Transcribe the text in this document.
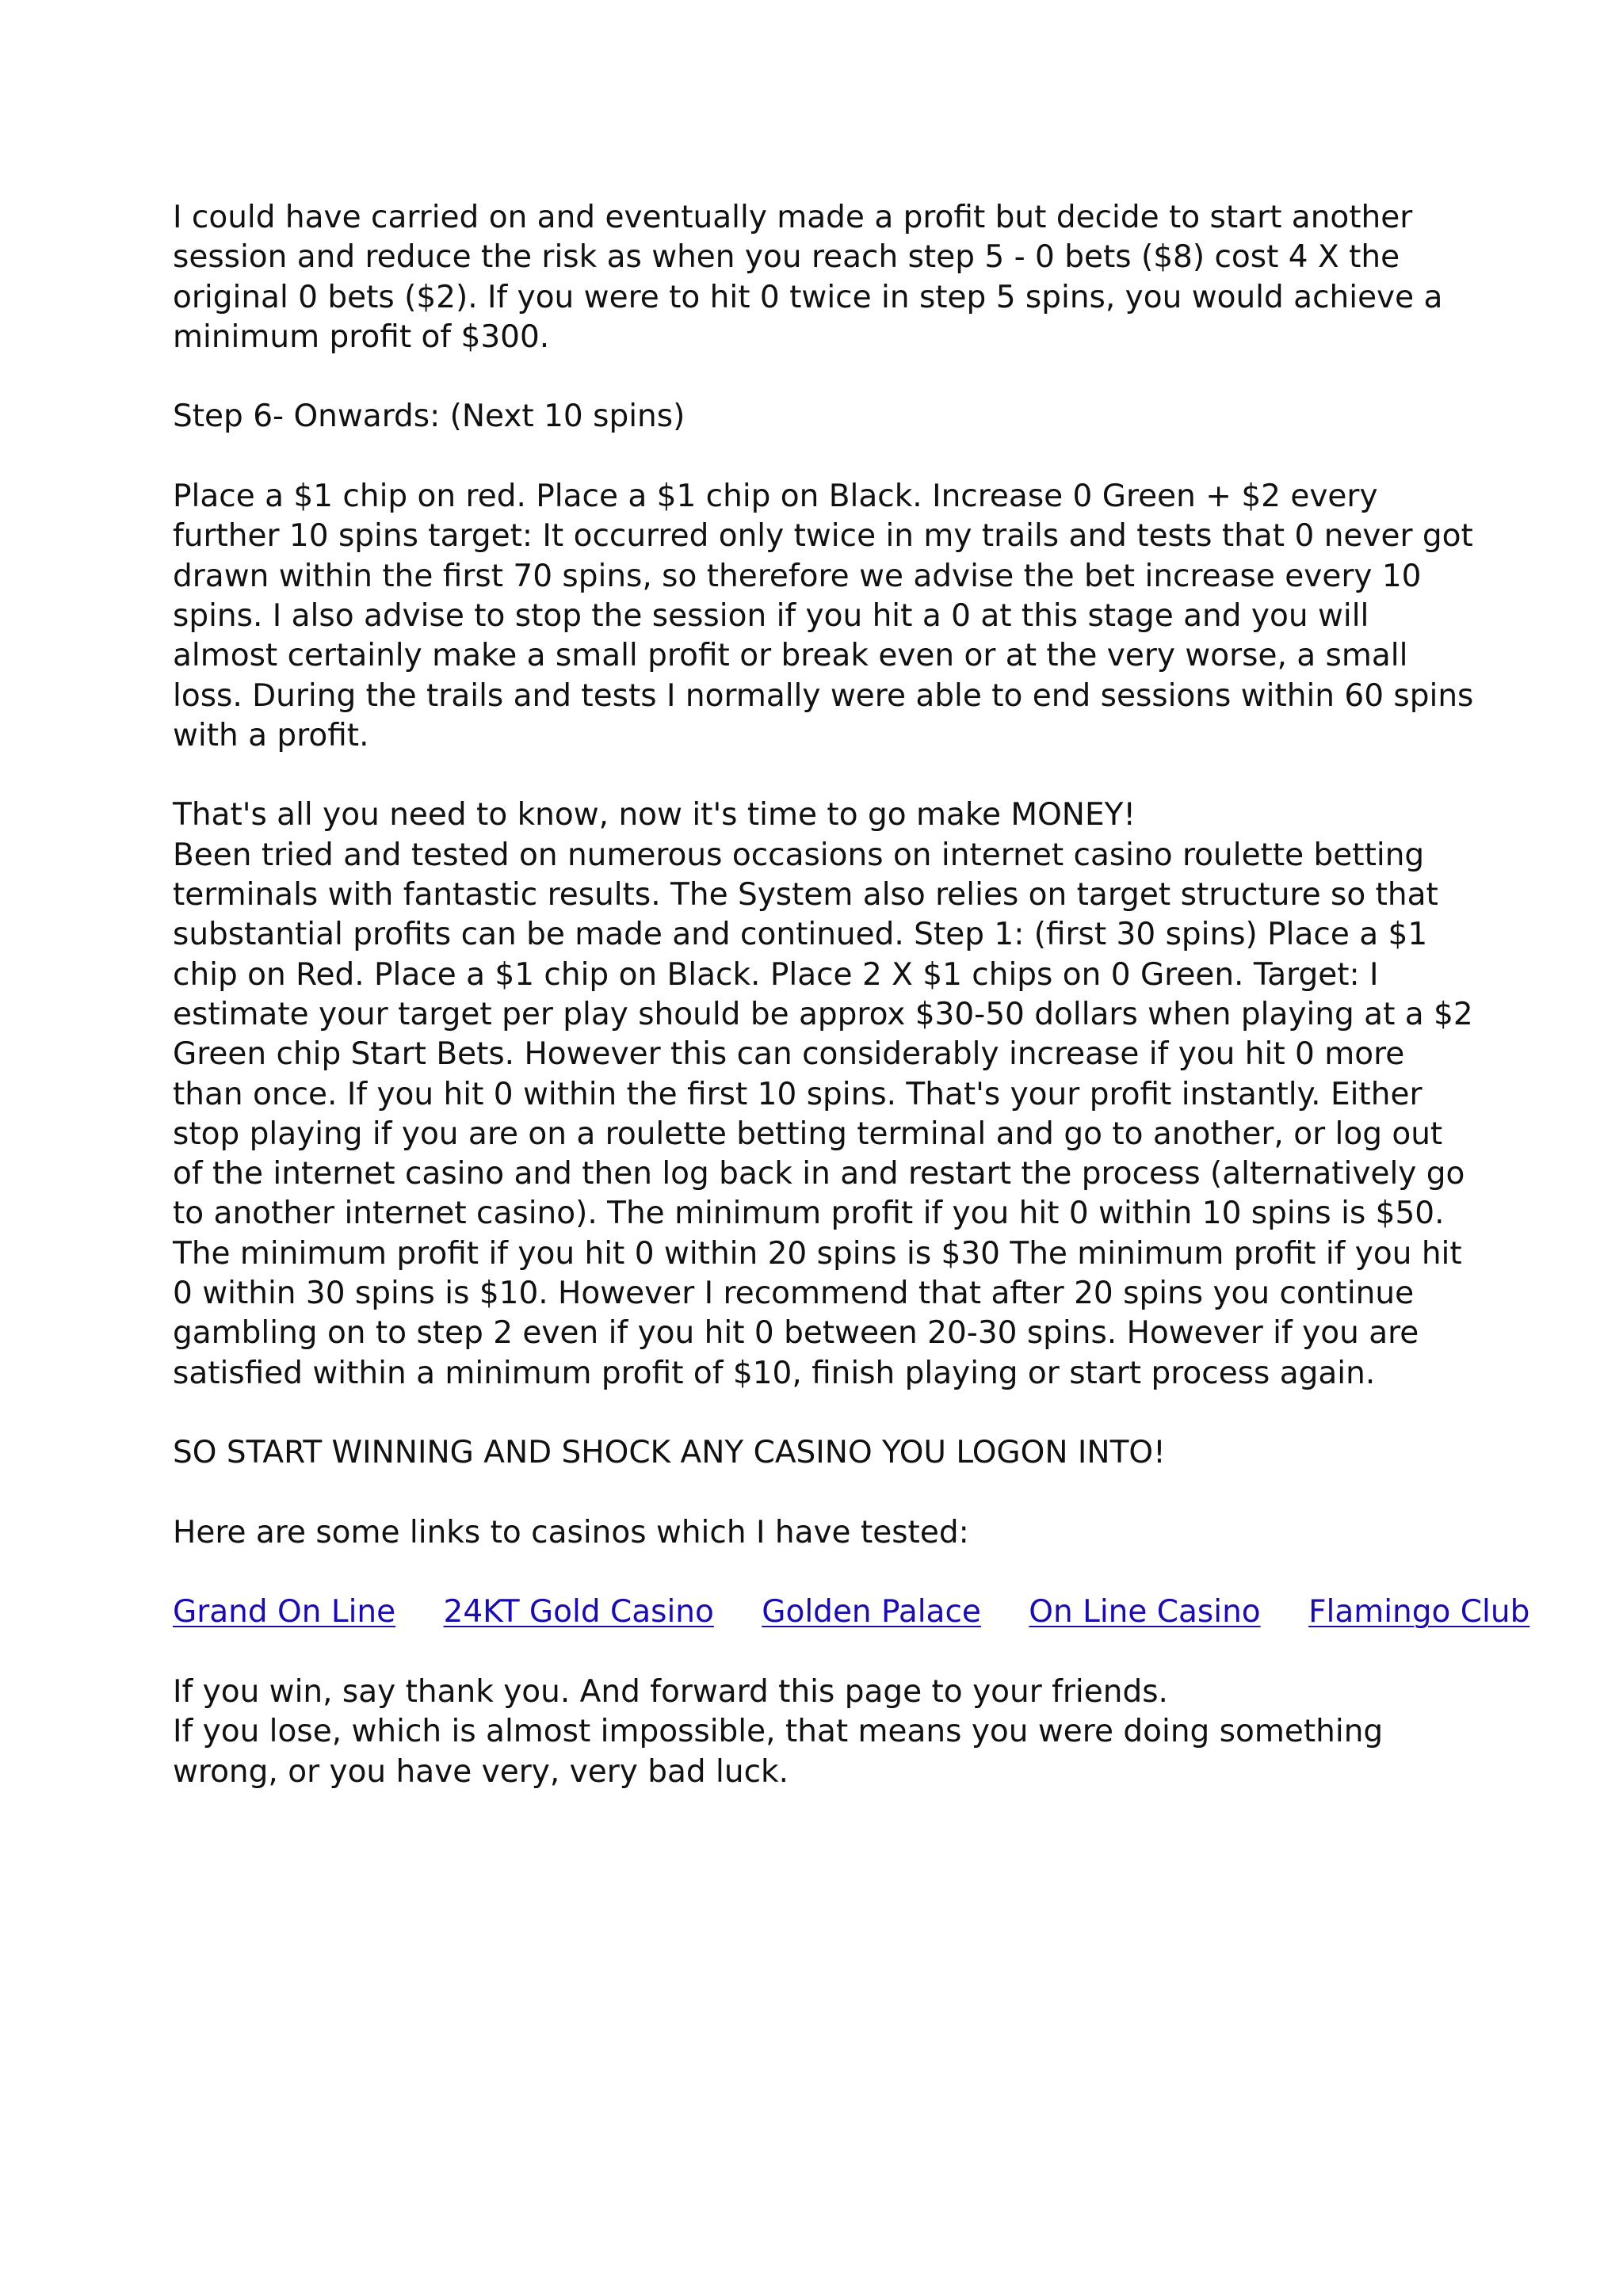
I could have carried on and eventually made a profit but decide to start another session and reduce the risk as when you reach step 5 - 0 bets ($8) cost 4 X the original 0 bets ($2). If you were to hit 0 twice in step 5 spins, you would achieve a minimum profit of $300.

Step 6- Onwards: (Next 10 spins)

Place a $1 chip on red. Place a $1 chip on Black. Increase 0 Green + $2 every further 10 spins target: It occurred only twice in my trails and tests that 0 never got drawn within the first 70 spins, so therefore we advise the bet increase every 10 spins. I also advise to stop the session if you hit a 0 at this stage and you will almost certainly make a small profit or break even or at the very worse, a small loss. During the trails and tests I normally were able to end sessions within 60 spins with a profit.

That's all you need to know, now it's time to go make MONEY!

Been tried and tested on numerous occasions on internet casino roulette betting terminals with fantastic results. The System also relies on target structure so that substantial profits can be made and continued. Step 1: (first 30 spins) Place a $1 chip on Red. Place a $1 chip on Black. Place 2 X $1 chips on 0 Green. Target: I estimate your target per play should be approx $30-50 dollars when playing at a $2 Green chip Start Bets. However this can considerably increase if you hit 0 more than once. If you hit 0 within the first 10 spins. That's your profit instantly. Either stop playing if you are on a roulette betting terminal and go to another, or log out of the internet casino and then log back in and restart the process (alternatively go to another internet casino). The minimum profit if you hit 0 within 10 spins is $50. The minimum profit if you hit 0 within 20 spins is $30 The minimum profit if you hit 0 within 30 spins is $10. However I recommend that after 20 spins you continue gambling on to step 2 even if you hit 0 between 20-30 spins. However if you are satisfied within a minimum profit of $10, finish playing or start process again.

SO START WINNING AND SHOCK ANY CASINO YOU LOGON INTO!

Here are some links to casinos which I have tested:

Grand On Line 24KT Gold Casino Golden Palace On Line Casino Flamingo Club

If you win, say thank you. And forward this page to your friends.

If you lose, which is almost impossible, that means you were doing something wrong, or you have very, very bad luck.
